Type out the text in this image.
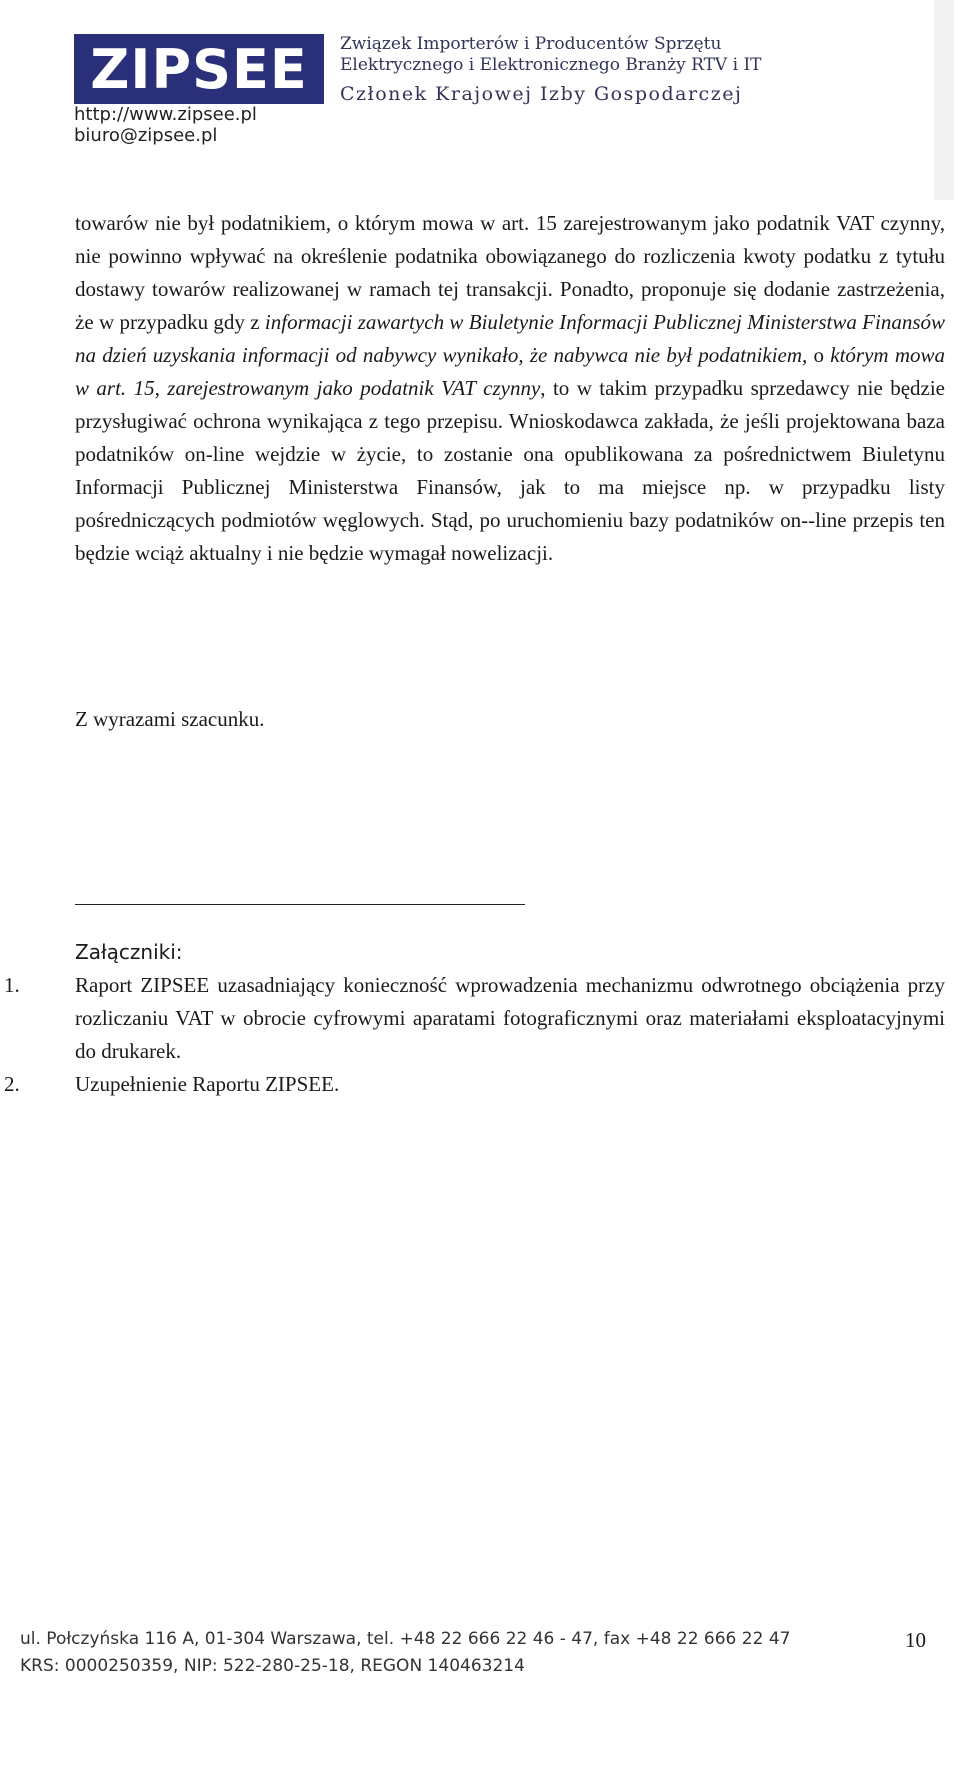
ZIPSEE Związek Importerów i Producentów Sprzętu
Elektrycznego i Elektronicznego Branży RTV i IT
Członek Krajowej Izby Gospodarczej
http://www.zipsee.pl
biuro@zipsee.pl

towarów nie był podatnikiem, o którym mowa w art. 15 zarejestrowanym jako podatnik VAT czynny, nie powinno wpływać na określenie podatnika obowiązanego do rozliczenia kwoty podatku z tytułu dostawy towarów realizowanej w ramach tej transakcji. Ponadto, proponuje się dodanie zastrzeżenia, że w przypadku gdy z informacji zawartych w Biuletynie Informacji Publicznej Ministerstwa Finansów na dzień uzyskania informacji od nabywcy wynikało, że nabywca nie był podatnikiem, o którym mowa w art. 15, zarejestrowanym jako podatnik VAT czynny, to w takim przypadku sprzedawcy nie będzie przysługiwać ochrona wynikająca z tego przepisu. Wnioskodawca zakłada, że jeśli projektowana baza podatników on-line wejdzie w życie, to zostanie ona opublikowana za pośrednictwem Biuletynu Informacji Publicznej Ministerstwa Finansów, jak to ma miejsce np. w przypadku listy pośredniczących podmiotów węglowych. Stąd, po uruchomieniu bazy podatników on--line przepis ten będzie wciąż aktualny i nie będzie wymagał nowelizacji.

Z wyrazami szacunku.
Załączniki:
1.	Raport ZIPSEE uzasadniający konieczność wprowadzenia mechanizmu odwrotnego obciążenia przy rozliczaniu VAT w obrocie cyfrowymi aparatami fotograficznymi oraz materiałami eksploatacyjnymi do drukarek.
2.	Uzupełnienie Raportu ZIPSEE.
ul. Połczyńska 116 A, 01-304 Warszawa, tel. +48 22 666 22 46 - 47, fax +48 22 666 22 47
KRS: 0000250359, NIP: 522-280-25-18, REGON 140463214
10
